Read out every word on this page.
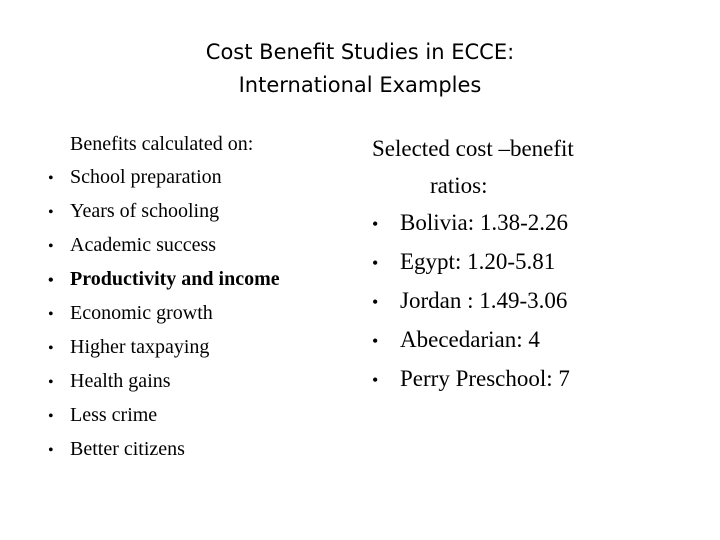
Cost Benefit Studies in ECCE:
International Examples
Benefits calculated on:
• School preparation
• Years of schooling
• Academic success
• Productivity and income
• Economic growth
• Higher taxpaying
• Health gains
• Less crime
• Better citizens
Selected cost –benefit
ratios:
• Bolivia: 1.38-2.26
• Egypt: 1.20-5.81
• Jordan : 1.49-3.06
• Abecedarian: 4
• Perry Preschool: 7
